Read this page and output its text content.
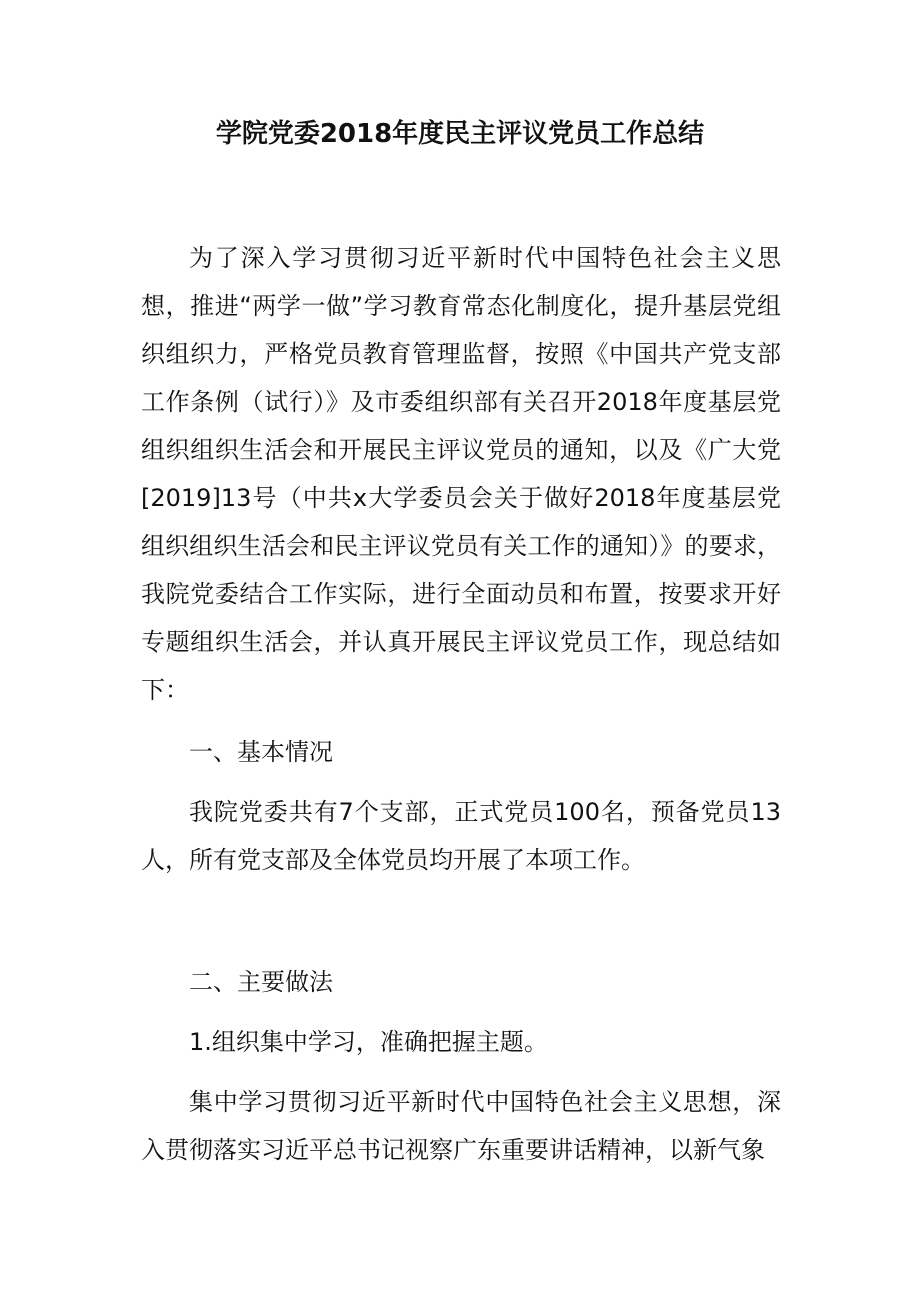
学院党委2018年度民主评议党员工作总结

为了深入学习贯彻习近平新时代中国特色社会主义思想，推进“两学一做”学习教育常态化制度化，提升基层党组织组织力，严格党员教育管理监督，按照《中国共产党支部工作条例（试行）》及市委组织部有关召开2018年度基层党组织组织生活会和开展民主评议党员的通知，以及《广大党[2019]13号（中共x大学委员会关于做好2018年度基层党组织组织生活会和民主评议党员有关工作的通知）》的要求，我院党委结合工作实际，进行全面动员和布置，按要求开好专题组织生活会，并认真开展民主评议党员工作，现总结如下：

一、基本情况

我院党委共有7个支部，正式党员100名，预备党员13人，所有党支部及全体党员均开展了本项工作。

二、主要做法

1.组织集中学习，准确把握主题。

集中学习贯彻习近平新时代中国特色社会主义思想，深入贯彻落实习近平总书记视察广东重要讲话精神，以新气象
